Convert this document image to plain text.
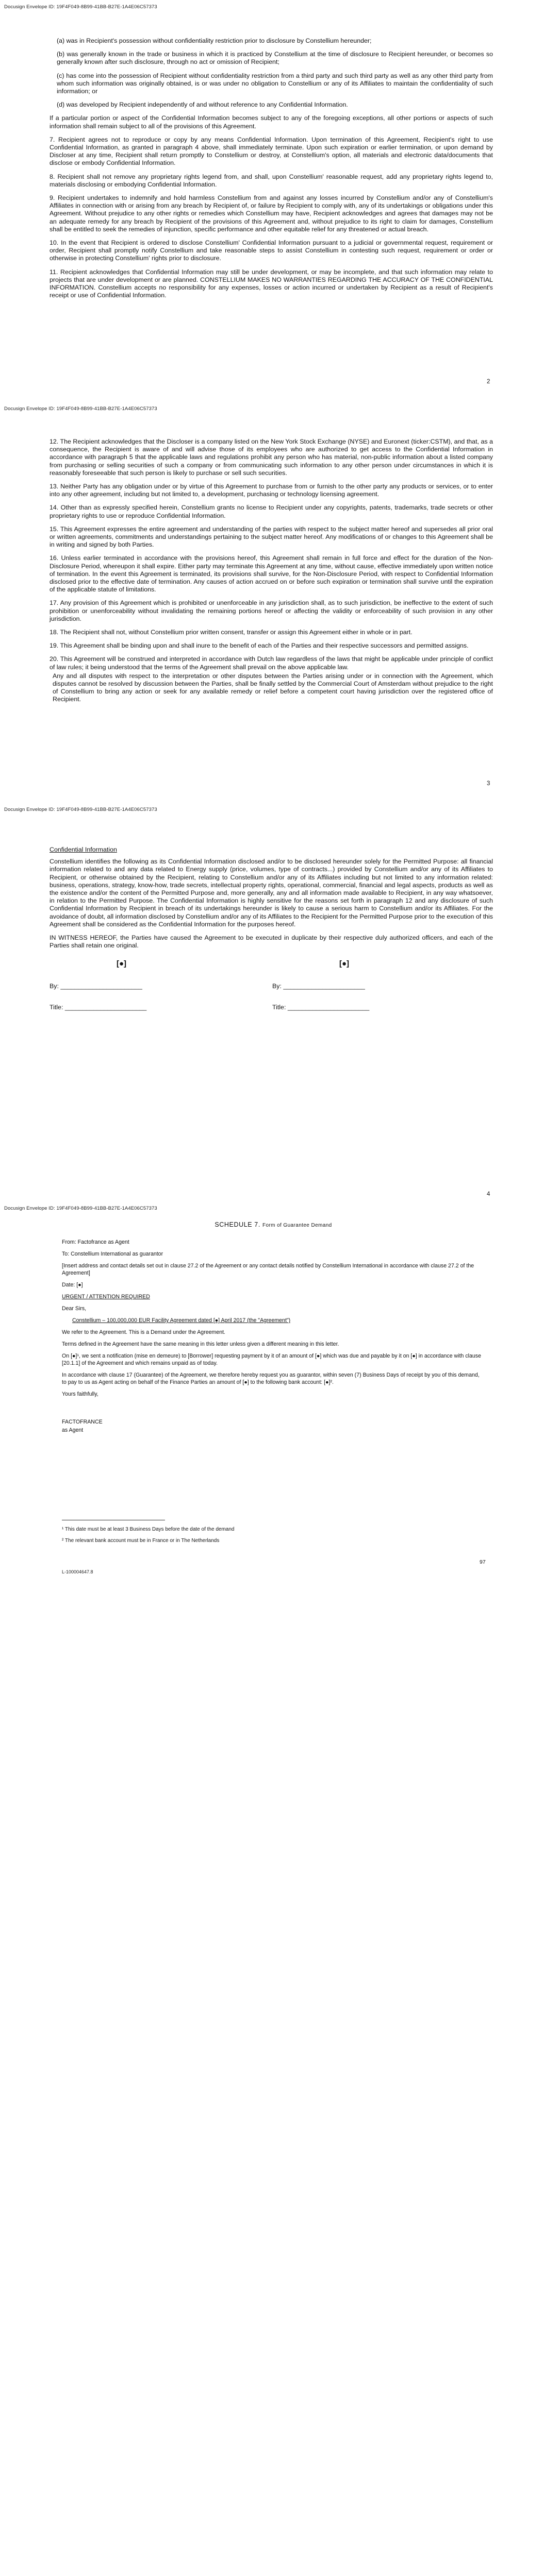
Docusign Envelope ID: 19F4F049-8B99-41BB-B27E-1A4E06C57373

(a) was in Recipient's possession without confidentiality restriction prior to disclosure by Constellium hereunder;

(b) was generally known in the trade or business in which it is practiced by Constellium at the time of disclosure to Recipient hereunder, or becomes so generally known after such disclosure, through no act or omission of Recipient;

(c) has come into the possession of Recipient without confidentiality restriction from a third party and such third party as well as any other third party from whom such information was originally obtained, is or was under no obligation to Constellium or any of its Affiliates to maintain the confidentiality of such information; or

(d) was developed by Recipient independently of and without reference to any Confidential Information.

If a particular portion or aspect of the Confidential Information becomes subject to any of the foregoing exceptions, all other portions or aspects of such information shall remain subject to all of the provisions of this Agreement.

7. Recipient agrees not to reproduce or copy by any means Confidential Information. Upon termination of this Agreement, Recipient's right to use Confidential Information, as granted in paragraph 4 above, shall immediately terminate. Upon such expiration or earlier termination, or upon demand by Discloser at any time, Recipient shall return promptly to Constellium or destroy, at Constellium's option, all materials and electronic data/documents that disclose or embody Confidential Information.

8. Recipient shall not remove any proprietary rights legend from, and shall, upon Constellium' reasonable request, add any proprietary rights legend to, materials disclosing or embodying Confidential Information.

9. Recipient undertakes to indemnify and hold harmless Constellium from and against any losses incurred by Constellium and/or any of Constellium's Affiliates in connection with or arising from any breach by Recipient of, or failure by Recipient to comply with, any of its undertakings or obligations under this Agreement. Without prejudice to any other rights or remedies which Constellium may have, Recipient acknowledges and agrees that damages may not be an adequate remedy for any breach by Recipient of the provisions of this Agreement and, without prejudice to its right to claim for damages, Constellium shall be entitled to seek the remedies of injunction, specific performance and other equitable relief for any threatened or actual breach.

10. In the event that Recipient is ordered to disclose Constellium' Confidential Information pursuant to a judicial or governmental request, requirement or order, Recipient shall promptly notify Constellium and take reasonable steps to assist Constellium in contesting such request, requirement or order or otherwise in protecting Constellium' rights prior to disclosure.

11. Recipient acknowledges that Confidential Information may still be under development, or may be incomplete, and that such information may relate to projects that are under development or are planned. CONSTELLIUM MAKES NO WARRANTIES REGARDING THE ACCURACY OF THE CONFIDENTIAL INFORMATION. Constellium accepts no responsibility for any expenses, losses or action incurred or undertaken by Recipient as a result of Recipient's receipt or use of Confidential Information.

2
Docusign Envelope ID: 19F4F049-8B99-41BB-B27E-1A4E06C57373

12. The Recipient acknowledges that the Discloser is a company listed on the New York Stock Exchange (NYSE) and Euronext (ticker:CSTM), and that, as a consequence, the Recipient is aware of and will advise those of its employees who are authorized to get access to the Confidential Information in accordance with paragraph 5 that the applicable laws and regulations prohibit any person who has material, non-public information about a listed company from purchasing or selling securities of such a company or from communicating such information to any other person under circumstances in which it is reasonably foreseeable that such person is likely to purchase or sell such securities.

13. Neither Party has any obligation under or by virtue of this Agreement to purchase from or furnish to the other party any products or services, or to enter into any other agreement, including but not limited to, a development, purchasing or technology licensing agreement.

14. Other than as expressly specified herein, Constellium grants no license to Recipient under any copyrights, patents, trademarks, trade secrets or other proprietary rights to use or reproduce Confidential Information.

15. This Agreement expresses the entire agreement and understanding of the parties with respect to the subject matter hereof and supersedes all prior oral or written agreements, commitments and understandings pertaining to the subject matter hereof. Any modifications of or changes to this Agreement shall be in writing and signed by both Parties.

16. Unless earlier terminated in accordance with the provisions hereof, this Agreement shall remain in full force and effect for the duration of the Non-Disclosure Period, whereupon it shall expire. Either party may terminate this Agreement at any time, without cause, effective immediately upon written notice of termination. In the event this Agreement is terminated, its provisions shall survive, for the Non-Disclosure Period, with respect to Confidential Information disclosed prior to the effective date of termination. Any causes of action accrued on or before such expiration or termination shall survive until the expiration of the applicable statute of limitations.

17. Any provision of this Agreement which is prohibited or unenforceable in any jurisdiction shall, as to such jurisdiction, be ineffective to the extent of such prohibition or unenforceability without invalidating the remaining portions hereof or affecting the validity or enforceability of such provision in any other jurisdiction.

18. The Recipient shall not, without Constellium prior written consent, transfer or assign this Agreement either in whole or in part.

19. This Agreement shall be binding upon and shall inure to the benefit of each of the Parties and their respective successors and permitted assigns.

20. This Agreement will be construed and interpreted in accordance with Dutch law regardless of the laws that might be applicable under principle of conflict of law rules; it being understood that the terms of the Agreement shall prevail on the above applicable law.

Any and all disputes with respect to the interpretation or other disputes between the Parties arising under or in connection with the Agreement, which disputes cannot be resolved by discussion between the Parties, shall be finally settled by the Commercial Court of Amsterdam without prejudice to the right of Constellium to bring any action or seek for any available remedy or relief before a competent court having jurisdiction over the registered office of Recipient.

3
Docusign Envelope ID: 19F4F049-8B99-41BB-B27E-1A4E06C57373

Confidential Information

Constellium identifies the following as its Confidential Information disclosed and/or to be disclosed hereunder solely for the Permitted Purpose: all financial information related to and any data related to Energy supply (price, volumes, type of contracts...) provided by Constellium and/or any of its Affiliates to Recipient, or otherwise obtained by the Recipient, relating to Constellium and/or any of its Affiliates including but not limited to any information related: business, operations, strategy, know-how, trade secrets, intellectual property rights, operational, commercial, financial and legal aspects, products as well as the existence and/or the content of the Permitted Purpose and, more generally, any and all information made available to Recipient, in any way whatsoever, in relation to the Permitted Purpose. The Confidential Information is highly sensitive for the reasons set forth in paragraph 12 and any disclosure of such Confidential Information by Recipient in breach of its undertakings hereunder is likely to cause a serious harm to Constellium and/or its Affiliates. For the avoidance of doubt, all information disclosed by Constellium and/or any of its Affiliates to the Recipient for the Permitted Purpose prior to the execution of this Agreement shall be considered as the Confidential Information for the purposes hereof.

IN WITNESS HEREOF, the Parties have caused the Agreement to be executed in duplicate by their respective duly authorized officers, and each of the Parties shall retain one original.

[●]
By: _______________________
Title: _______________________
[●]
By: _______________________
Title: _______________________
4
Docusign Envelope ID: 19F4F049-8B99-41BB-B27E-1A4E06C57373

SCHEDULE 7. Form of Guarantee Demand

From: Factofrance as Agent

To: Constellium International as guarantor

[Insert address and contact details set out in clause 27.2 of the Agreement or any contact details notified by Constellium International in accordance with clause 27.2 of the Agreement]

Date: [●]

URGENT / ATTENTION REQUIRED

Dear Sirs,

Constellium – 100,000,000 EUR Facility Agreement dated [●] April 2017 (the "Agreement")

We refer to the Agreement. This is a Demand under the Agreement.

Terms defined in the Agreement have the same meaning in this letter unless given a different meaning in this letter.

On [●]¹, we sent a notification (mise en demeure) to [Borrower] requesting payment by it of an amount of [●] which was due and payable by it on [●] in accordance with clause [20.1.1] of the Agreement and which remains unpaid as of today.

In accordance with clause 17 (Guarantee) of the Agreement, we therefore hereby request you as guarantor, within seven (7) Business Days of receipt by you of this demand, to pay to us as Agent acting on behalf of the Finance Parties an amount of [●] to the following bank account: [●]².

Yours faithfully,

FACTOFRANCE

as Agent

¹ This date must be at least 3 Business Days before the date of the demand

² The relevant bank account must be in France or in The Netherlands

97
L-100004647.8
